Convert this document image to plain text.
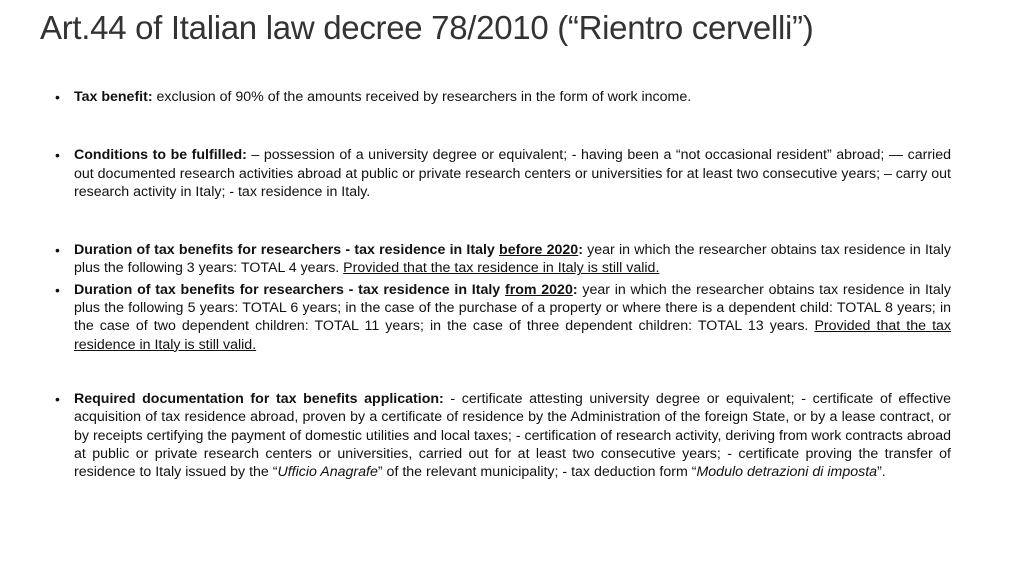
Art.44 of Italian law decree 78/2010 (“Rientro cervelli”)
• Tax benefit: exclusion of 90% of the amounts received by researchers in the form of work income.
• Conditions to be fulfilled: – possession of a university degree or equivalent; - having been a “not occasional resident” abroad; — carried out documented research activities abroad at public or private research centers or universities for at least two consecutive years; – carry out research activity in Italy; - tax residence in Italy.
• Duration of tax benefits for researchers - tax residence in Italy before 2020: year in which the researcher obtains tax residence in Italy plus the following 3 years: TOTAL 4 years. Provided that the tax residence in Italy is still valid.
• Duration of tax benefits for researchers - tax residence in Italy from 2020: year in which the researcher obtains tax residence in Italy plus the following 5 years: TOTAL 6 years; in the case of the purchase of a property or where there is a dependent child: TOTAL 8 years; in the case of two dependent children: TOTAL 11 years; in the case of three dependent children: TOTAL 13 years. Provided that the tax residence in Italy is still valid.
• Required documentation for tax benefits application: - certificate attesting university degree or equivalent; - certificate of effective acquisition of tax residence abroad, proven by a certificate of residence by the Administration of the foreign State, or by a lease contract, or by receipts certifying the payment of domestic utilities and local taxes; - certification of research activity, deriving from work contracts abroad at public or private research centers or universities, carried out for at least two consecutive years; - certificate proving the transfer of residence to Italy issued by the “Ufficio Anagrafe” of the relevant municipality; - tax deduction form “Modulo detrazioni di imposta”.
